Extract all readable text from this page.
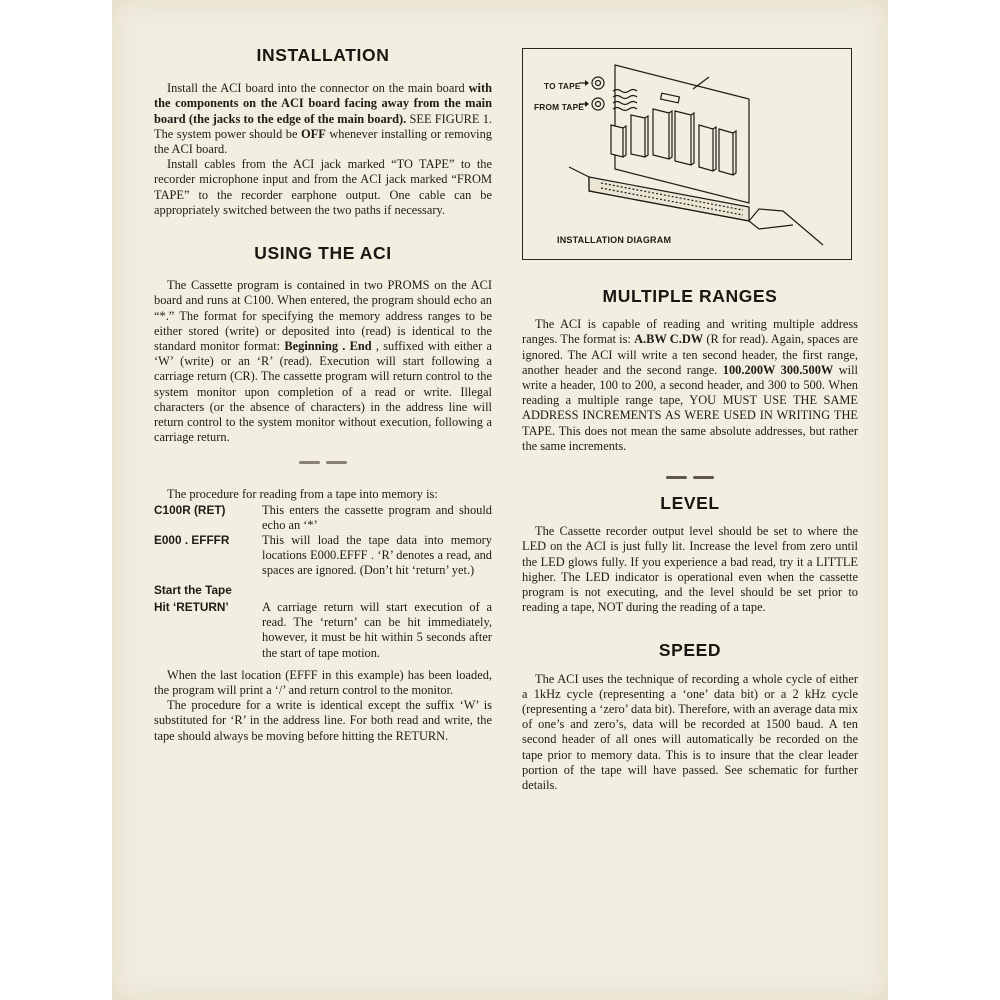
INSTALLATION

Install the ACI board into the connector on the main board with the components on the ACI board facing away from the main board (the jacks to the edge of the main board). SEE FIGURE 1. The system power should be OFF whenever installing or removing the ACI board.

Install cables from the ACI jack marked “TO TAPE” to the recorder microphone input and from the ACI jack marked “FROM TAPE” to the recorder earphone output. One cable can be appropriately switched between the two paths if necessary.

USING THE ACI

The Cassette program is contained in two PROMS on the ACI board and runs at C100. When entered, the program should echo an “*.” The format for specifying the memory address ranges to be either stored (write) or deposited into (read) is identical to the standard monitor format: Beginning . End , suffixed with either a ‘W’ (write) or an ‘R’ (read). Execution will start following a carriage return (CR). The cassette program will return control to the system monitor upon completion of a read or write. Illegal characters (or the absence of characters) in the address line will return control to the system monitor without execution, following a carriage return.

The procedure for reading from a tape into memory is:

C100R (RET)	This enters the cassette program and should echo an ‘*’
E000 . EFFFR	This will load the tape data into memory locations E000.EFFF . ‘R’ denotes a read, and spaces are ignored. (Don’t hit ‘return’ yet.)
Start the Tape	
Hit ‘RETURN’	A carriage return will start execution of a read. The ‘return’ can be hit immediately, however, it must be hit within 5 seconds after the start of tape motion.

When the last location (EFFF in this example) has been loaded, the program will print a ‘/’ and return control to the monitor.

The procedure for a write is identical except the suffix ‘W’ is substituted for ‘R’ in the address line. For both read and write, the tape should always be moving before hitting the RETURN.

TO TAPE
FROM TAPE
INSTALLATION DIAGRAM
MULTIPLE RANGES

The ACI is capable of reading and writing multiple address ranges. The format is: A.BW C.DW (R for read). Again, spaces are ignored. The ACI will write a ten second header, the first range, another header and the second range. 100.200W 300.500W will write a header, 100 to 200, a second header, and 300 to 500. When reading a multiple range tape, YOU MUST USE THE SAME ADDRESS INCREMENTS AS WERE USED IN WRITING THE TAPE. This does not mean the same absolute addresses, but rather the same increments.

LEVEL

The Cassette recorder output level should be set to where the LED on the ACI is just fully lit. Increase the level from zero until the LED glows fully. If you experience a bad read, try it a LITTLE higher. The LED indicator is operational even when the cassette program is not executing, and the level should be set prior to reading a tape, NOT during the reading of a tape.

SPEED

The ACI uses the technique of recording a whole cycle of either a 1kHz cycle (representing a ‘one’ data bit) or a 2 kHz cycle (representing a ‘zero’ data bit). Therefore, with an average data mix of one’s and zero’s, data will be recorded at 1500 baud. A ten second header of all ones will automatically be recorded on the tape prior to memory data. This is to insure that the clear leader portion of the tape will have passed. See schematic for further details.
